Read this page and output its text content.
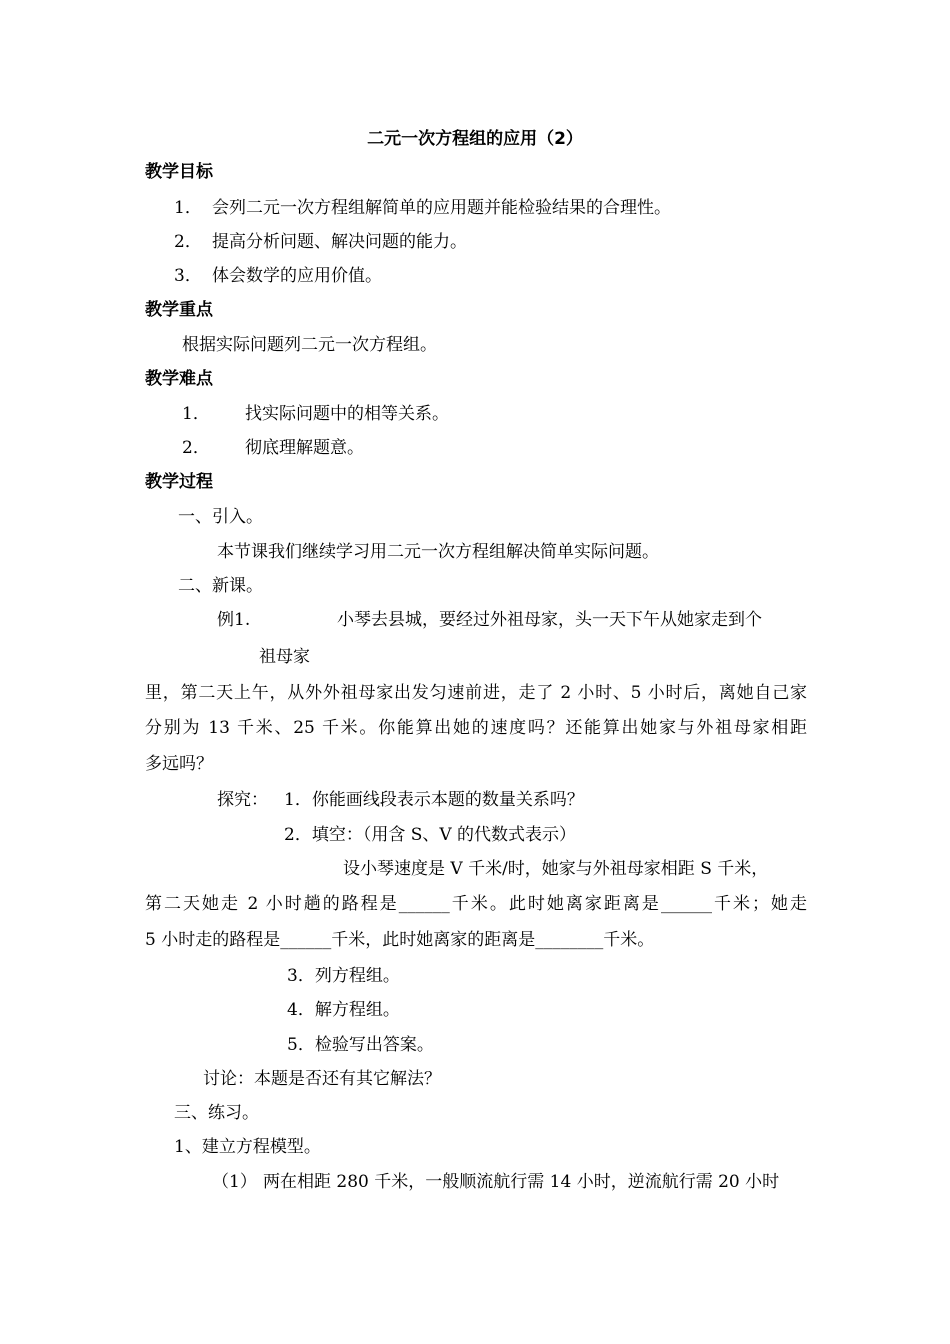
二元一次方程组的应用（2）
教学目标
1． 会列二元一次方程组解简单的应用题并能检验结果的合理性。
2． 提高分析问题、解决问题的能力。
3． 体会数学的应用价值。
教学重点
根据实际问题列二元一次方程组。
教学难点
1． 找实际问题中的相等关系。
2． 彻底理解题意。
教学过程
一、引入。
本节课我们继续学习用二元一次方程组解决简单实际问题。
二、新课。
例1.	小琴去县城，要经过外祖母家，头一天下午从她家走到个
祖母家
里，第二天上午，从外外祖母家出发匀速前进，走了 2 小时、5 小时后，离她自己家
分别为 13 千米、25 千米。你能算出她的速度吗？还能算出她家与外祖母家相距
多远吗？
探究： 1．你能画线段表示本题的数量关系吗？
2．填空：（用含 S、V 的代数式表示）
设小琴速度是 V 千米/时，她家与外祖母家相距 S 千米，
第二天她走 2 小时趟的路程是______千米。此时她离家距离是______千米；她走
5 小时走的路程是______千米，此时她离家的距离是________千米。
3．列方程组。
4．解方程组。
5．检验写出答案。
讨论：本题是否还有其它解法？
三、练习。
1、建立方程模型。
（1） 两在相距 280 千米，一般顺流航行需 14 小时，逆流航行需 20 小时
